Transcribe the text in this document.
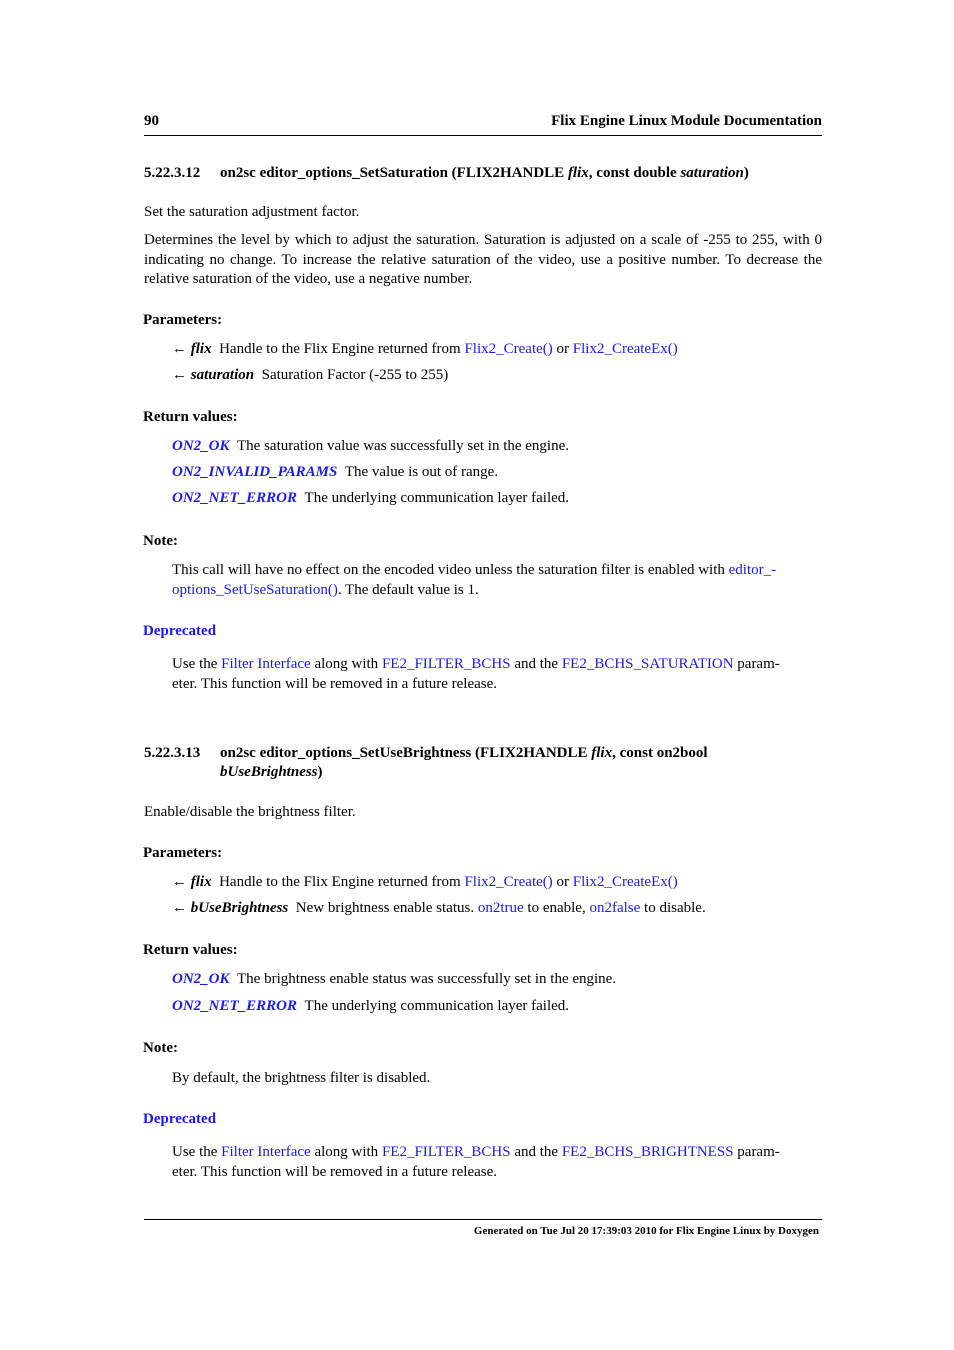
90	Flix Engine Linux Module Documentation
5.22.3.12 on2sc editor_options_SetSaturation (FLIX2HANDLE flix, const double saturation)
Set the saturation adjustment factor.
Determines the level by which to adjust the saturation. Saturation is adjusted on a scale of -255 to 255, with 0 indicating no change. To increase the relative saturation of the video, use a positive number. To decrease the relative saturation of the video, use a negative number.
Parameters:
← flix Handle to the Flix Engine returned from Flix2_Create() or Flix2_CreateEx()
← saturation Saturation Factor (-255 to 255)
Return values:
ON2_OK The saturation value was successfully set in the engine.
ON2_INVALID_PARAMS The value is out of range.
ON2_NET_ERROR The underlying communication layer failed.
Note:
This call will have no effect on the encoded video unless the saturation filter is enabled with editor_-
options_SetUseSaturation(). The default value is 1.
Deprecated
Use the Filter Interface along with FE2_FILTER_BCHS and the FE2_BCHS_SATURATION param-
eter. This function will be removed in a future release.
5.22.3.13 on2sc editor_options_SetUseBrightness (FLIX2HANDLE flix, const on2bool
bUseBrightness)
Enable/disable the brightness filter.
Parameters:
← flix Handle to the Flix Engine returned from Flix2_Create() or Flix2_CreateEx()
← bUseBrightness New brightness enable status. on2true to enable, on2false to disable.
Return values:
ON2_OK The brightness enable status was successfully set in the engine.
ON2_NET_ERROR The underlying communication layer failed.
Note:
By default, the brightness filter is disabled.
Deprecated
Use the Filter Interface along with FE2_FILTER_BCHS and the FE2_BCHS_BRIGHTNESS param-
eter. This function will be removed in a future release.
Generated on Tue Jul 20 17:39:03 2010 for Flix Engine Linux by Doxygen
